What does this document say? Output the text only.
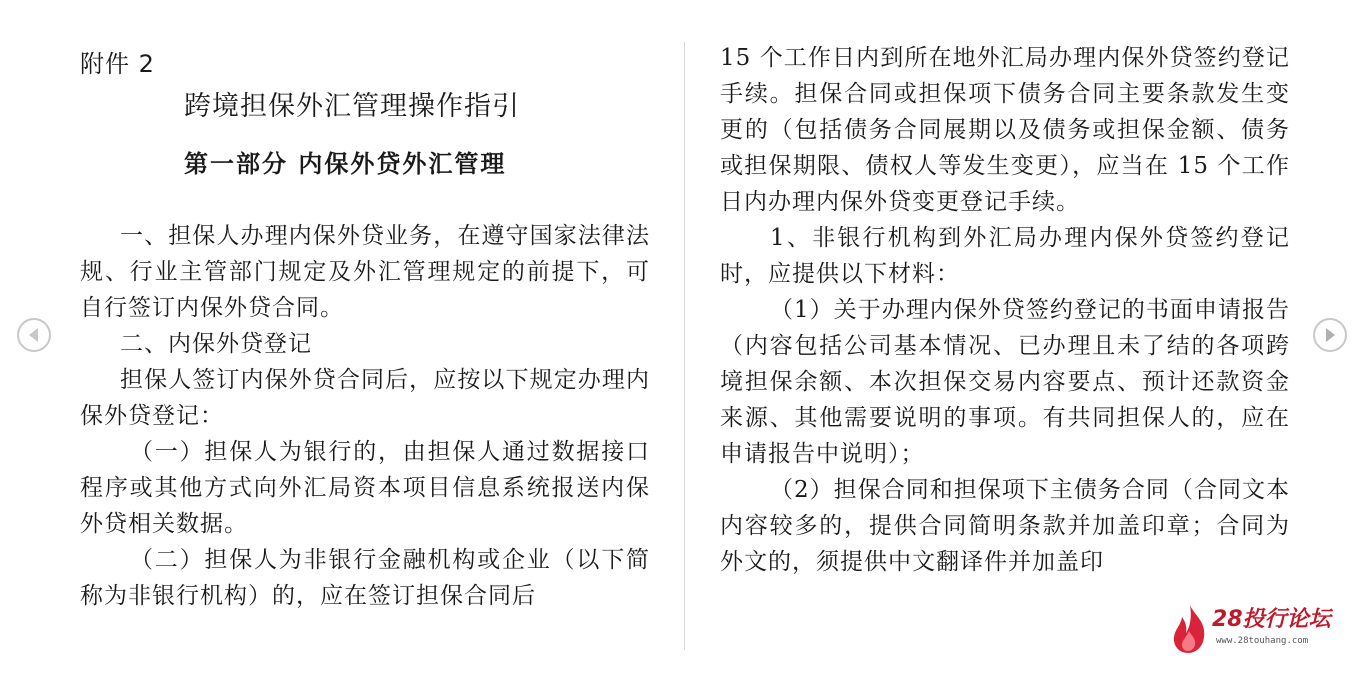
附件 2
跨境担保外汇管理操作指引
第一部分 内保外贷外汇管理

一、担保人办理内保外贷业务，在遵守国家法律法规、行业主管部门规定及外汇管理规定的前提下，可自行签订内保外贷合同。

二、内保外贷登记

担保人签订内保外贷合同后，应按以下规定办理内保外贷登记：

（一）担保人为银行的，由担保人通过数据接口程序或其他方式向外汇局资本项目信息系统报送内保外贷相关数据。

（二）担保人为非银行金融机构或企业（以下简称为非银行机构）的，应在签订担保合同后

15 个工作日内到所在地外汇局办理内保外贷签约登记手续。担保合同或担保项下债务合同主要条款发生变更的（包括债务合同展期以及债务或担保金额、债务或担保期限、债权人等发生变更），应当在 15 个工作日内办理内保外贷变更登记手续。

1、非银行机构到外汇局办理内保外贷签约登记时，应提供以下材料：

（1）关于办理内保外贷签约登记的书面申请报告（内容包括公司基本情况、已办理且未了结的各项跨境担保余额、本次担保交易内容要点、预计还款资金来源、其他需要说明的事项。有共同担保人的，应在申请报告中说明）；

（2）担保合同和担保项下主债务合同（合同文本内容较多的，提供合同简明条款并加盖印章；合同为外文的，须提供中文翻译件并加盖印

28投行论坛
www.28touhang.com
